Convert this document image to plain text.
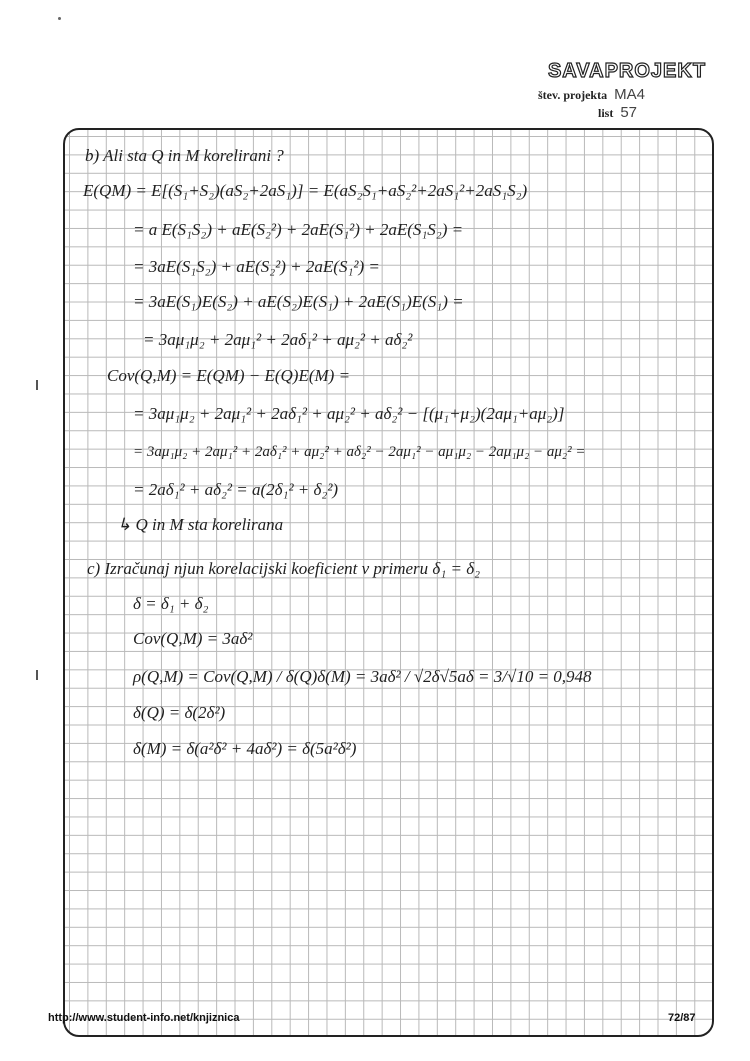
SAVAPROJEKT
štev. projekta MA4
list 57
b) Ali sta Q in M korelirani ?
E(QM) = E[(S₁+S₂)(aS₂+2aS₁)] = E(aS₂S₁+aS₂²+2aS₁²+2aS₁S₂)
= a E(S₁S₂) + aE(S₂²) + 2aE(S₁²) + 2aE(S₁S₂) =
= 3aE(S₁S₂) + aE(S₂²) + 2aE(S₁²) =
= 3aE(S₁)E(S₂) + aE(S₂)E(S₁) + 2aE(S₁)E(S₁) =
= 3aμ₁μ₂ + 2aμ₁² + 2aδ₁² + aμ₂² + aδ₂²
Cov(Q,M) = E(QM) − E(Q)E(M) =
= 3aμ₁μ₂ + 2aμ₁² + 2aδ₁² + aμ₂² + aδ₂² − [(μ₁+μ₂)(2aμ₁+aμ₂)]
= 3aμ₁μ₂ + 2aμ₁² + 2aδ₁² + aμ₂² + aδ₂² − 2aμ₁² − aμ₁μ₂ − 2aμ₁μ₂ − aμ₂² =
= 2aδ₁² + aδ₂² = a(2δ₁² + δ₂²)
↳ Q in M sta korelirana
c) Izračunaj njun korelacijski koeficient v primeru δ₁ = δ₂
δ = δ₁ + δ₂
Cov(Q,M) = 3aδ²
ρ(Q,M) = Cov(Q,M) / δ(Q)δ(M) = 3aδ² / √2δ√5aδ = 3/√10 = 0,948
δ(Q) = δ(2δ²)
δ(M) = δ(a²δ² + 4aδ²) = δ(5a²δ²)
http://www.student-info.net/knjiznica	72/87
